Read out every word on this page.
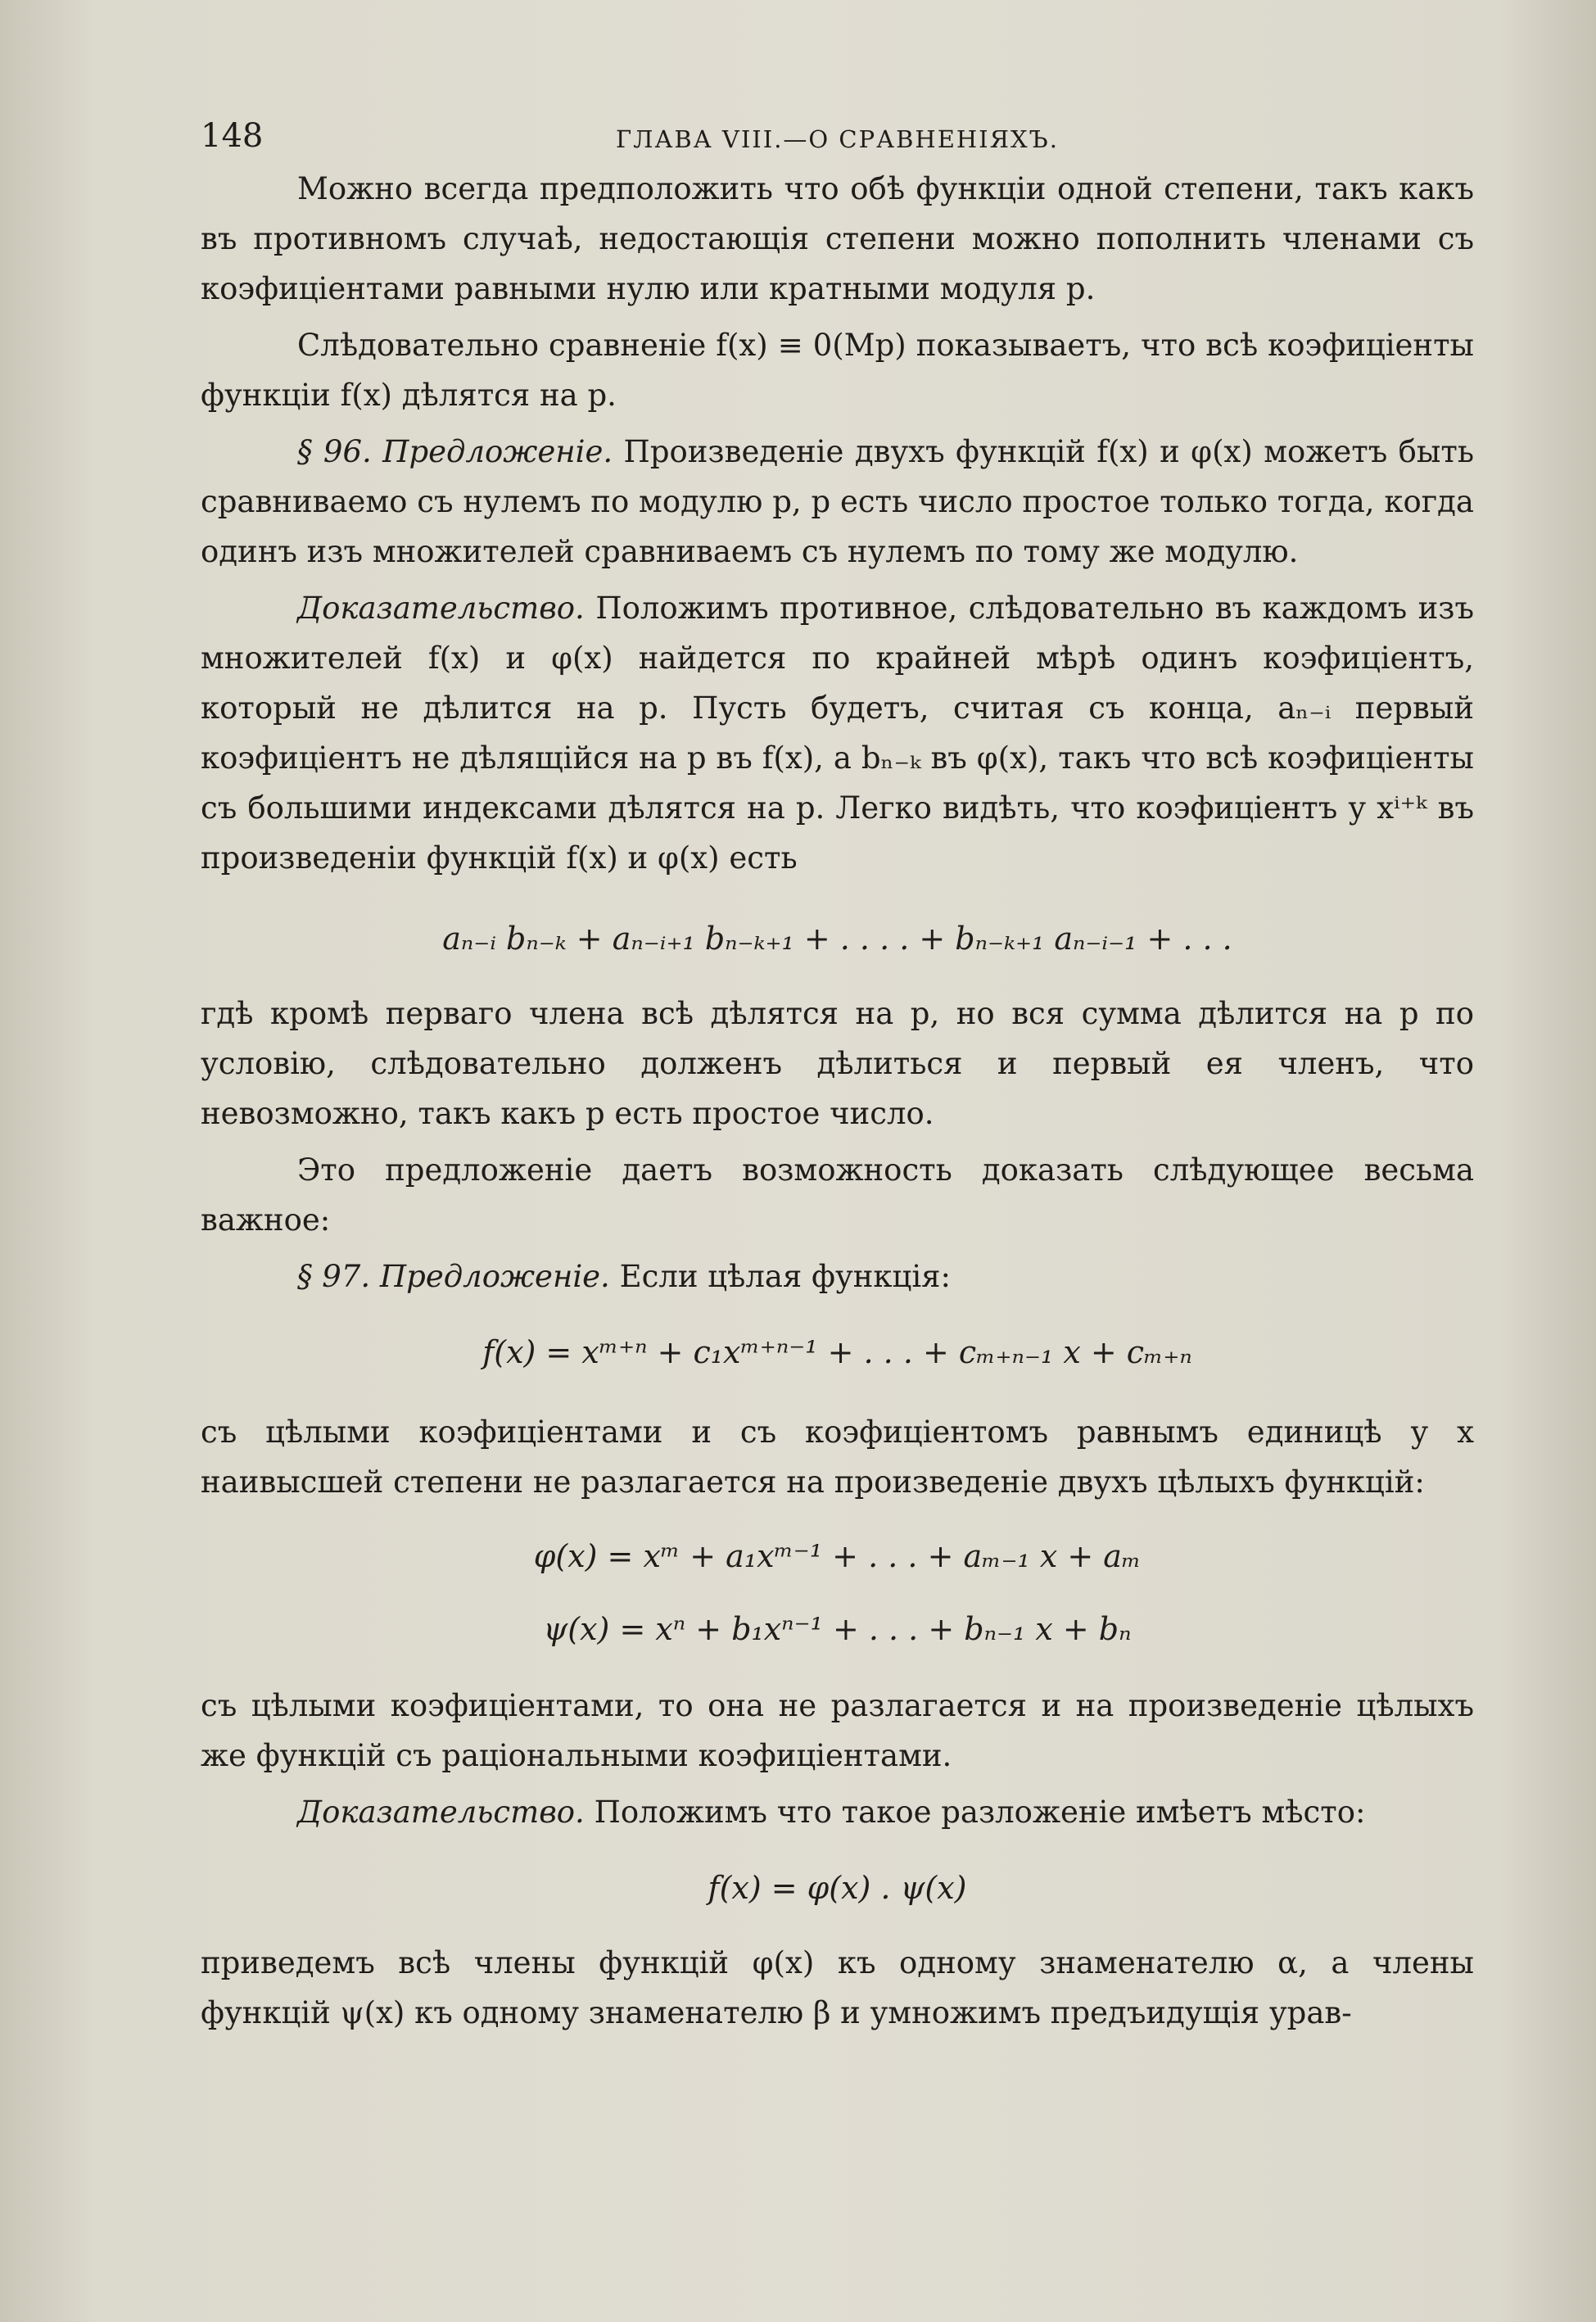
148	ГЛАВА VIII.—О СРАВНЕНІЯХЪ.

Можно всегда предположить что обѣ функціи одной степени, такъ какъ въ противномъ случаѣ, недостающія степени можно пополнить членами съ коэфиціентами равными нулю или кратными модуля p.

Слѣдовательно сравненіе f(x) ≡ 0(Mp) показываетъ, что всѣ коэфиціенты функціи f(x) дѣлятся на p.

§ 96. Предложеніе. Произведеніе двухъ функцій f(x) и φ(x) можетъ быть сравниваемо съ нулемъ по модулю p, p есть число простое только тогда, когда одинъ изъ множителей сравниваемъ съ нулемъ по тому же модулю.

Доказательство. Положимъ противное, слѣдовательно въ каждомъ изъ множителей f(x) и φ(x) найдется по крайней мѣрѣ одинъ коэфиціентъ, который не дѣлится на p. Пусть будетъ, считая съ конца, aₙ₋ᵢ первый коэфиціентъ не дѣлящійся на p въ f(x), а bₙ₋ₖ въ φ(x), такъ что всѣ коэфиціенты съ большими индексами дѣлятся на p. Легко видѣть, что коэфиціентъ у xⁱ⁺ᵏ въ произведеніи функцій f(x) и φ(x) есть

aₙ₋ᵢ bₙ₋ₖ + aₙ₋ᵢ₊₁ bₙ₋ₖ₊₁ + . . . . + bₙ₋ₖ₊₁ aₙ₋ᵢ₋₁ + . . .

гдѣ кромѣ перваго члена всѣ дѣлятся на p, но вся сумма дѣлится на p по условію, слѣдовательно долженъ дѣлиться и первый ея членъ, что невозможно, такъ какъ p есть простое число.

Это предложеніе даетъ возможность доказать слѣдующее весьма важное:

§ 97. Предложеніе. Если цѣлая функція:

f(x) = xᵐ⁺ⁿ + c₁xᵐ⁺ⁿ⁻¹ + . . . + cₘ₊ₙ₋₁ x + cₘ₊ₙ

съ цѣлыми коэфиціентами и съ коэфиціентомъ равнымъ единицѣ у x наивысшей степени не разлагается на произведеніе двухъ цѣлыхъ функцій:

φ(x) = xᵐ + a₁xᵐ⁻¹ + . . . + aₘ₋₁ x + aₘ
ψ(x) = xⁿ + b₁xⁿ⁻¹ + . . . + bₙ₋₁ x + bₙ

съ цѣлыми коэфиціентами, то она не разлагается и на произведеніе цѣлыхъ же функцій съ раціональными коэфиціентами.

Доказательство. Положимъ что такое разложеніе имѣетъ мѣсто:

f(x) = φ(x) . ψ(x)

приведемъ всѣ члены функцій φ(x) къ одному знаменателю α, а члены функцій ψ(x) къ одному знаменателю β и умножимъ предъидущія урав-
